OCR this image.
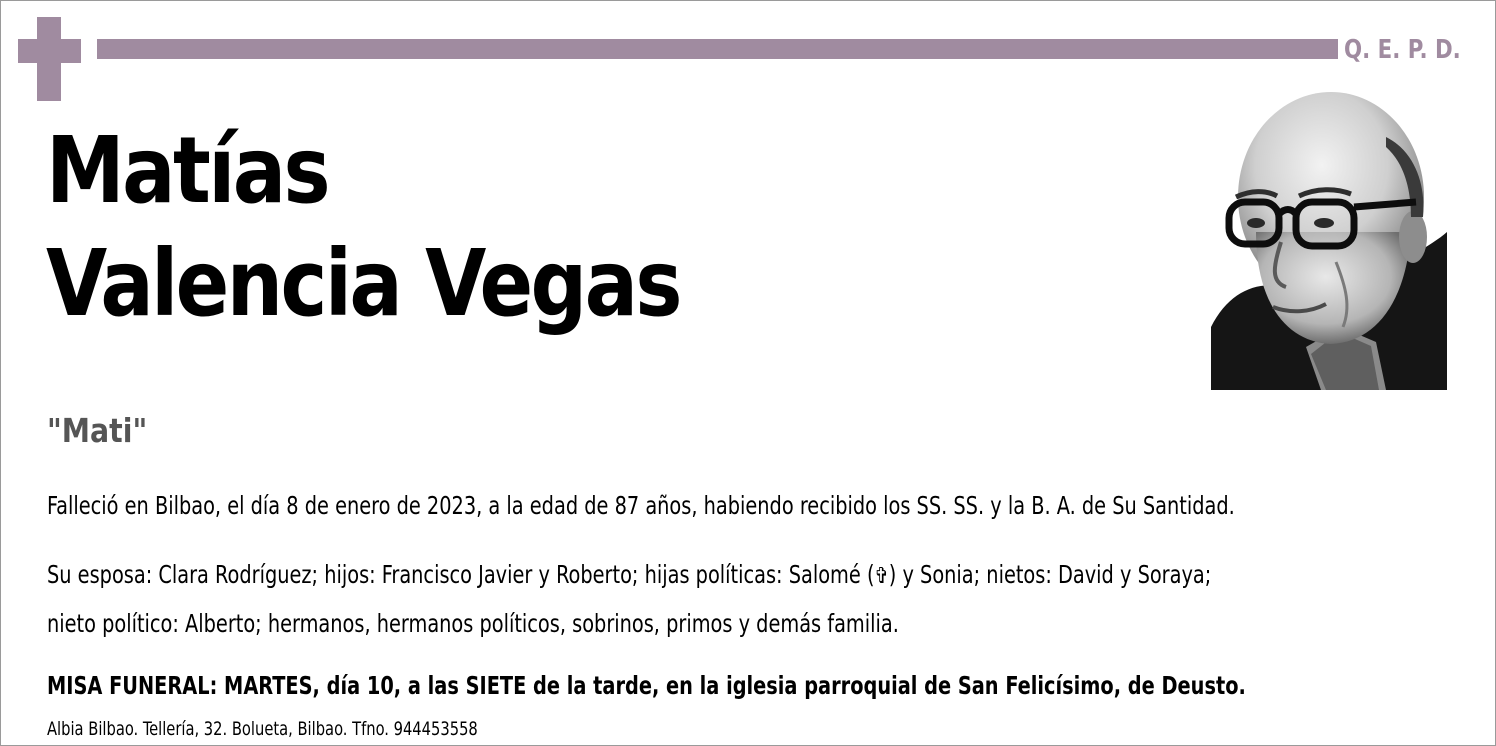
Q. E. P. D.
Matías
Valencia Vegas
"Mati"
Falleció en Bilbao, el día 8 de enero de 2023, a la edad de 87 años, habiendo recibido los SS. SS. y la B. A. de Su Santidad.
Su esposa: Clara Rodríguez; hijos: Francisco Javier y Roberto; hijas políticas: Salomé (✞) y Sonia; nietos: David y Soraya;
nieto político: Alberto; hermanos, hermanos políticos, sobrinos, primos y demás familia.
MISA FUNERAL: MARTES, día 10, a las SIETE de la tarde, en la iglesia parroquial de San Felicísimo, de Deusto.
Albia Bilbao. Tellería, 32. Bolueta, Bilbao. Tfno. 944453558
